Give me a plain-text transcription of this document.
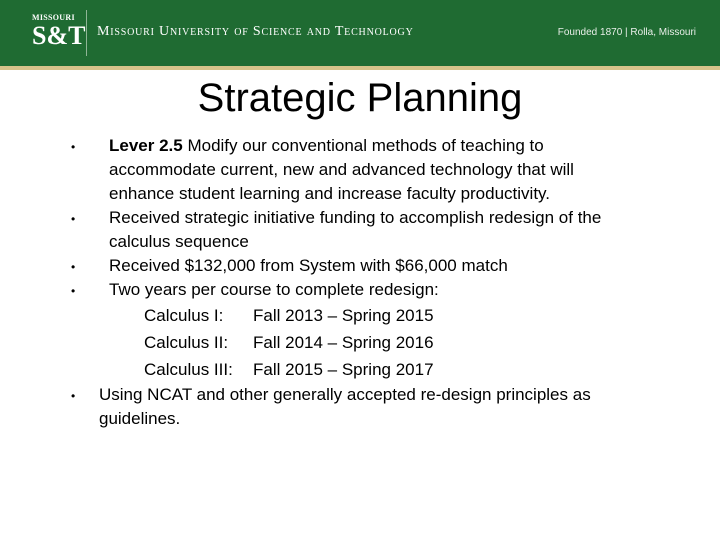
MISSOURI
S&T Missouri University of Science and Technology	Founded 1870 | Rolla, Missouri
Strategic Planning
• Lever 2.5 Modify our conventional methods of teaching to accommodate current, new and advanced technology that will enhance student learning and increase faculty productivity.
• Received strategic initiative funding to accomplish redesign of the calculus sequence
• Received $132,000 from System with $66,000 match
• Two years per course to complete redesign:
Calculus I: Fall 2013 – Spring 2015
Calculus II: Fall 2014 – Spring 2016
Calculus III: Fall 2015 – Spring 2017
• Using NCAT and other generally accepted re-design principles as guidelines.
